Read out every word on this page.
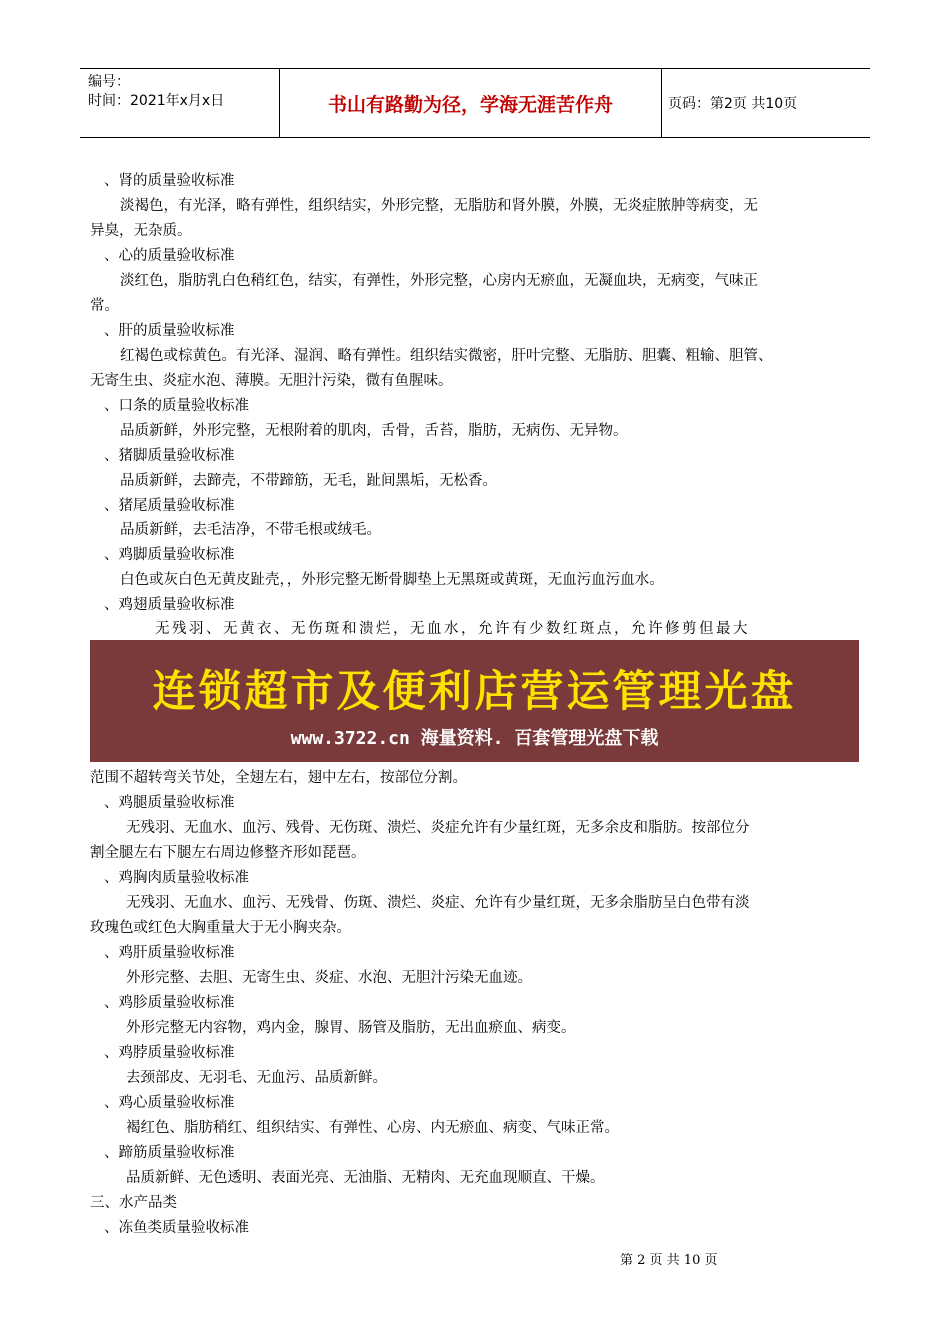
编号：
时间：2021年x月x日	书山有路勤为径，学海无涯苦作舟	页码：第2页 共10页
、肾的质量验收标准
淡褐色，有光泽，略有弹性，组织结实，外形完整，无脂肪和肾外膜，外膜，无炎症脓肿等病变，无
异臭，无杂质。
、心的质量验收标准
淡红色，脂肪乳白色稍红色，结实，有弹性，外形完整，心房内无瘀血，无凝血块，无病变，气味正
常。
、肝的质量验收标准
红褐色或棕黄色。有光泽、湿润、略有弹性。组织结实微密，肝叶完整、无脂肪、胆囊、粗输、胆管、
无寄生虫、炎症水泡、薄膜。无胆汁污染，微有鱼腥味。
、口条的质量验收标准
品质新鲜，外形完整，无根附着的肌肉，舌骨，舌苔，脂肪，无病伤、无异物。
、猪脚质量验收标准
品质新鲜，去蹄壳，不带蹄筋，无毛，趾间黑垢，无松香。
、猪尾质量验收标准
品质新鲜，去毛洁净，不带毛根或绒毛。
、鸡脚质量验收标准
白色或灰白色无黄皮趾壳，，外形完整无断骨脚垫上无黑斑或黄斑，无血污血污血水。
、鸡翅质量验收标准
无残羽、无黄衣、无伤斑和溃烂，无血水，允许有少数红斑点，允许修剪但最大
范围不超转弯关节处，全翅左右，翅中左右，按部位分割。
、鸡腿质量验收标准
无残羽、无血水、血污、残骨、无伤斑、溃烂、炎症允许有少量红斑，无多余皮和脂肪。按部位分
割全腿左右下腿左右周边修整齐形如琵琶。
、鸡胸肉质量验收标准
无残羽、无血水、血污、无残骨、伤斑、溃烂、炎症、允许有少量红斑，无多余脂肪呈白色带有淡
玫瑰色或红色大胸重量大于无小胸夹杂。
、鸡肝质量验收标准
外形完整、去胆、无寄生虫、炎症、水泡、无胆汁污染无血迹。
、鸡胗质量验收标准
外形完整无内容物，鸡内金，腺胃、肠管及脂肪，无出血瘀血、病变。
、鸡脖质量验收标准
去颈部皮、无羽毛、无血污、品质新鲜。
、鸡心质量验收标准
褐红色、脂肪稍红、组织结实、有弹性、心房、内无瘀血、病变、气味正常。
、蹄筋质量验收标准
品质新鲜、无色透明、表面光亮、无油脂、无精肉、无充血现顺直、干燥。
三、水产品类
、冻鱼类质量验收标准
连锁超市及便利店营运管理光盘
www.3722.cn 海量资料. 百套管理光盘下载
第 2 页 共 10 页
